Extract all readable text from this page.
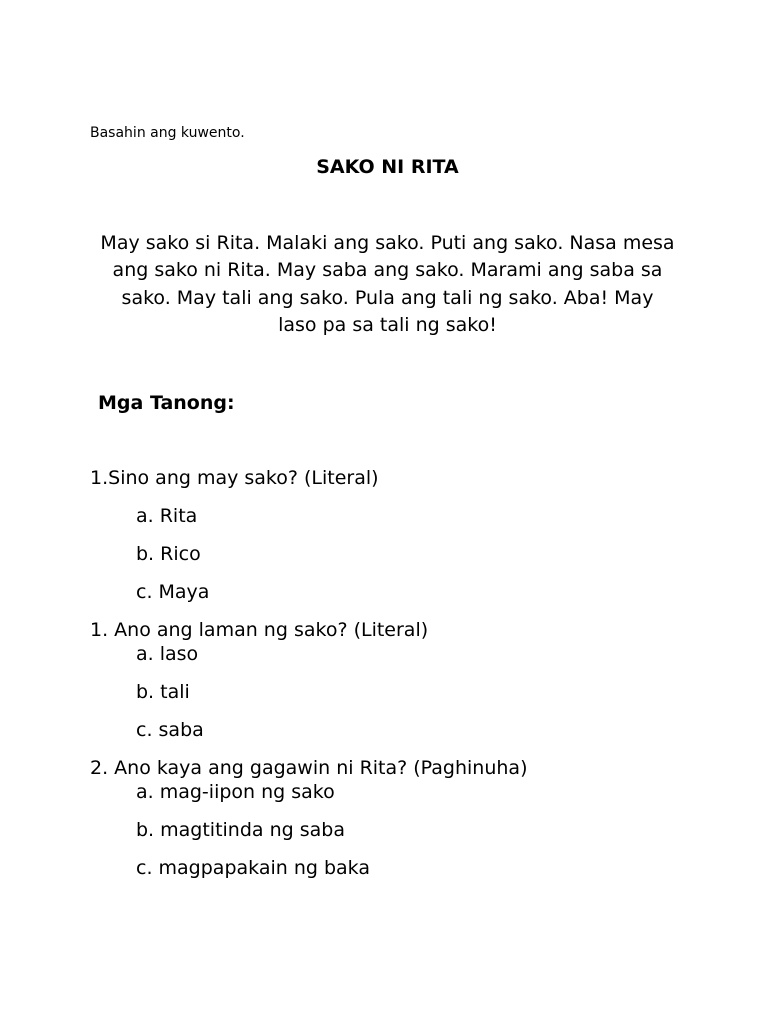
Basahin ang kuwento.
SAKO NI RITA

May sako si Rita. Malaki ang sako. Puti ang sako. Nasa mesa ang sako ni Rita. May saba ang sako. Marami ang saba sa sako. May tali ang sako. Pula ang tali ng sako. Aba! May laso pa sa tali ng sako!

Mga Tanong:
1.Sino ang may sako? (Literal)
a. Rita
b. Rico
c. Maya
1. Ano ang laman ng sako? (Literal)
a. laso
b. tali
c. saba
2. Ano kaya ang gagawin ni Rita? (Paghinuha)
a. mag-iipon ng sako
b. magtitinda ng saba
c. magpapakain ng baka
